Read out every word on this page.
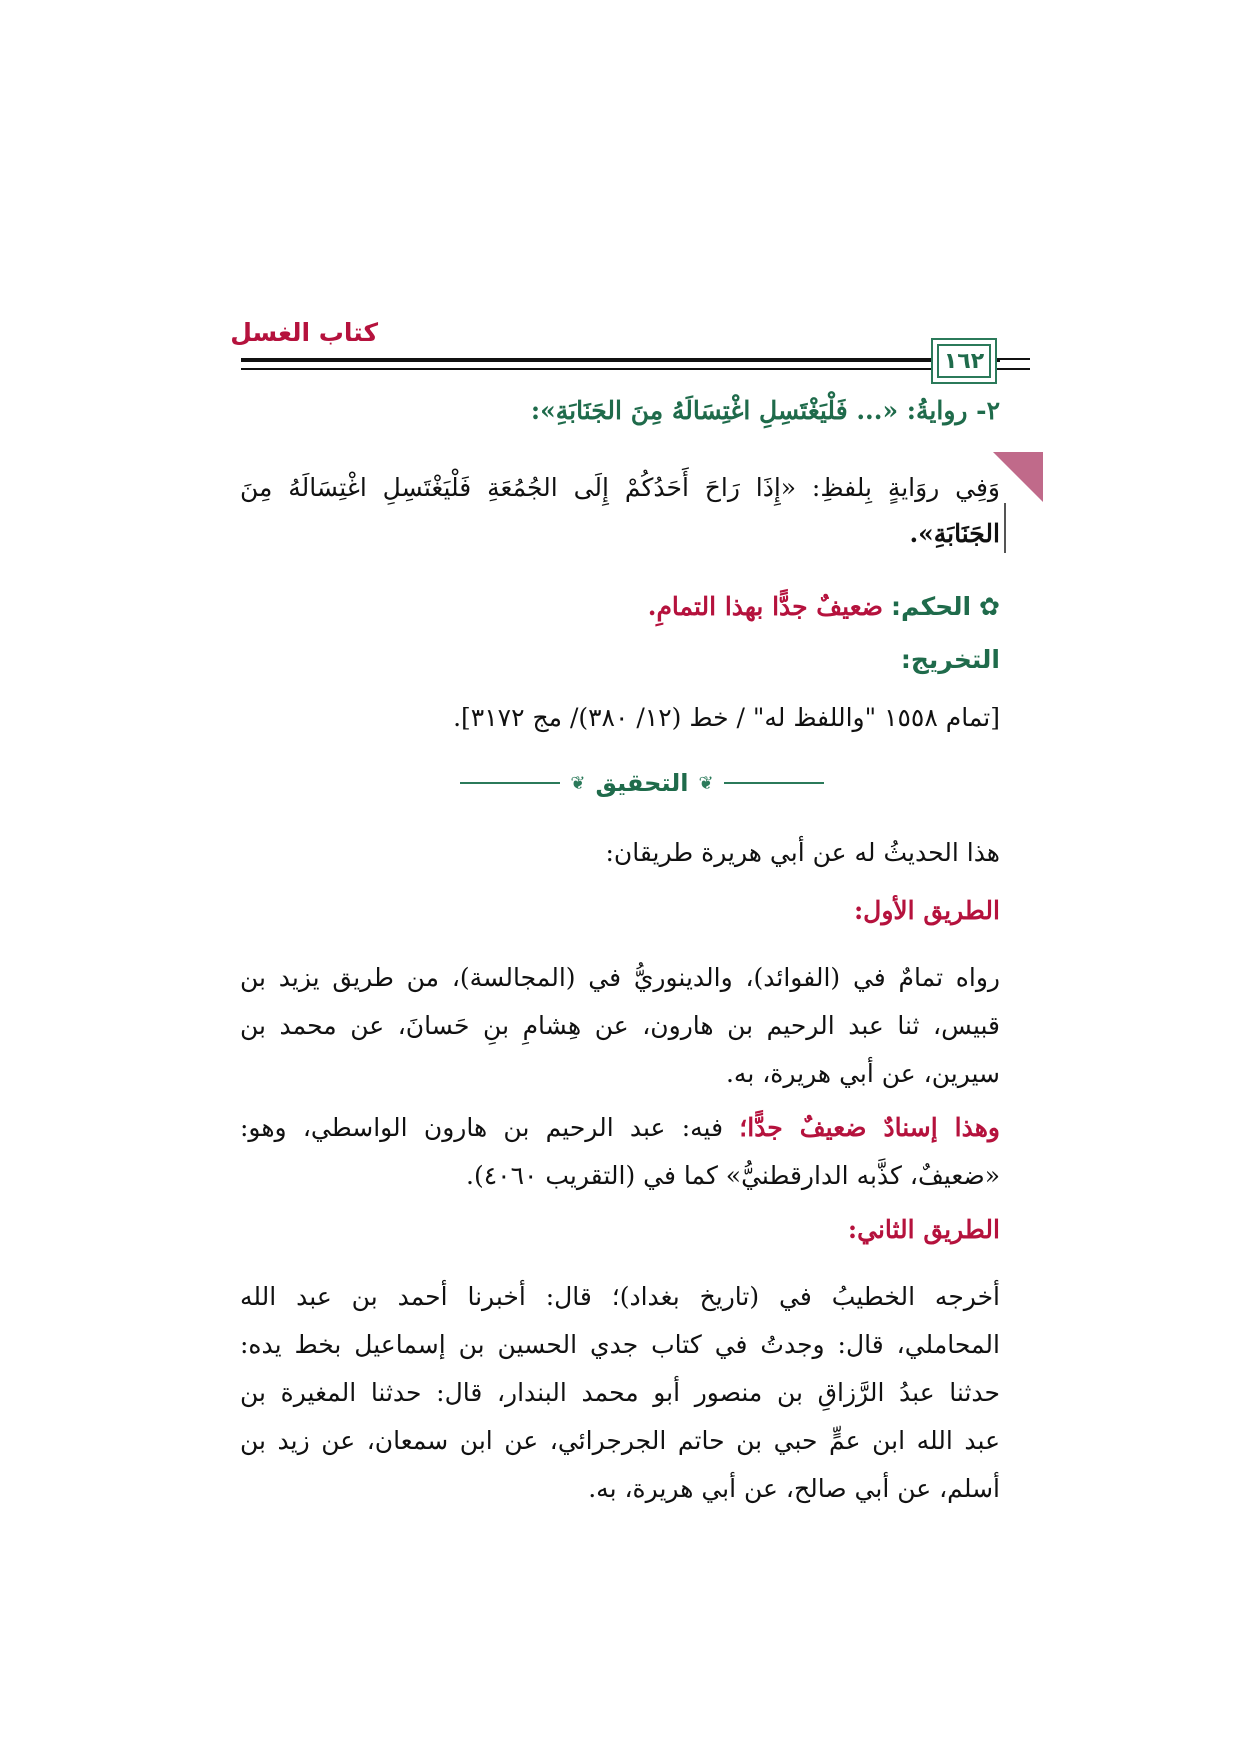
كتاب الغسل
١٦٢
٢- روايةُ: «... فَلْيَغْتَسِلِ اغْتِسَالَهُ مِنَ الجَنَابَةِ»:
وَفِي روَايةٍ بِلفظِ: «إِذَا رَاحَ أَحَدُكُمْ إِلَى الجُمُعَةِ فَلْيَغْتَسِلِ اغْتِسَالَهُ مِنَ
الجَنَابَةِ».
✿ الحكم: ضعيفٌ جدًّا بهذا التمامِ.
التخريج:
[تمام ١٥٥٨ "واللفظ له" / خط (١٢/ ٣٨٠)/ مج ٣١٧٢].
❦
التحقيق
❦
هذا الحديثُ له عن أبي هريرة طريقان:
الطريق الأول:
رواه تمامٌ في (الفوائد)، والدينوريُّ في (المجالسة)، من طريق يزيد بن
قبيس، ثنا عبد الرحيم بن هارون، عن هِشامِ بنِ حَسانَ، عن محمد بن
سيرين، عن أبي هريرة، به.
وهذا إسنادٌ ضعيفٌ جدًّا؛ فيه: عبد الرحيم بن هارون الواسطي، وهو:
«ضعيفٌ، كذَّبه الدارقطنيُّ» كما في (التقريب ٤٠٦٠).
الطريق الثاني:
أخرجه الخطيبُ في (تاريخ بغداد)؛ قال: أخبرنا أحمد بن عبد الله
المحاملي، قال: وجدتُ في كتاب جدي الحسين بن إسماعيل بخط يده:
حدثنا عبدُ الرَّزاقِ بن منصور أبو محمد البندار، قال: حدثنا المغيرة بن
عبد الله ابن عمٍّ حبي بن حاتم الجرجرائي، عن ابن سمعان، عن زيد بن
أسلم، عن أبي صالح، عن أبي هريرة، به.
